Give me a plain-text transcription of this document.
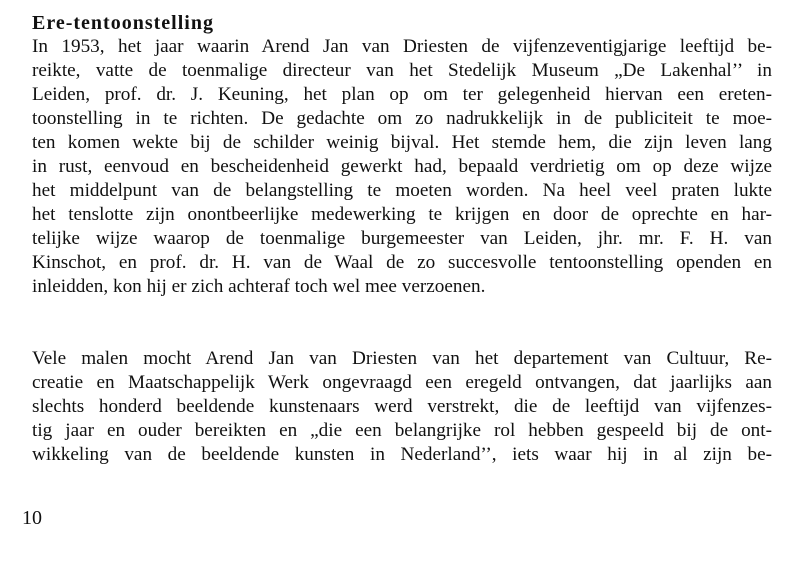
Ere-tentoonstelling
In 1953, het jaar waarin Arend Jan van Driesten de vijfenzeventigjarige leeftijd be-
reikte, vatte de toenmalige directeur van het Stedelijk Museum „De Lakenhal’’ in
Leiden, prof. dr. J. Keuning, het plan op om ter gelegenheid hiervan een ereten-
toonstelling in te richten. De gedachte om zo nadrukkelijk in de publiciteit te moe-
ten komen wekte bij de schilder weinig bijval. Het stemde hem, die zijn leven lang
in rust, eenvoud en bescheidenheid gewerkt had, bepaald verdrietig om op deze wijze
het middelpunt van de belangstelling te moeten worden. Na heel veel praten lukte
het tenslotte zijn onontbeerlijke medewerking te krijgen en door de oprechte en har-
telijke wijze waarop de toenmalige burgemeester van Leiden, jhr. mr. F. H. van
Kinschot, en prof. dr. H. van de Waal de zo succesvolle tentoonstelling openden en
inleidden, kon hij er zich achteraf toch wel mee verzoenen.
Vele malen mocht Arend Jan van Driesten van het departement van Cultuur, Re-
creatie en Maatschappelijk Werk ongevraagd een eregeld ontvangen, dat jaarlijks aan
slechts honderd beeldende kunstenaars werd verstrekt, die de leeftijd van vijfenzes-
tig jaar en ouder bereikten en „die een belangrijke rol hebben gespeeld bij de ont-
wikkeling van de beeldende kunsten in Nederland’’, iets waar hij in al zijn be-
10
